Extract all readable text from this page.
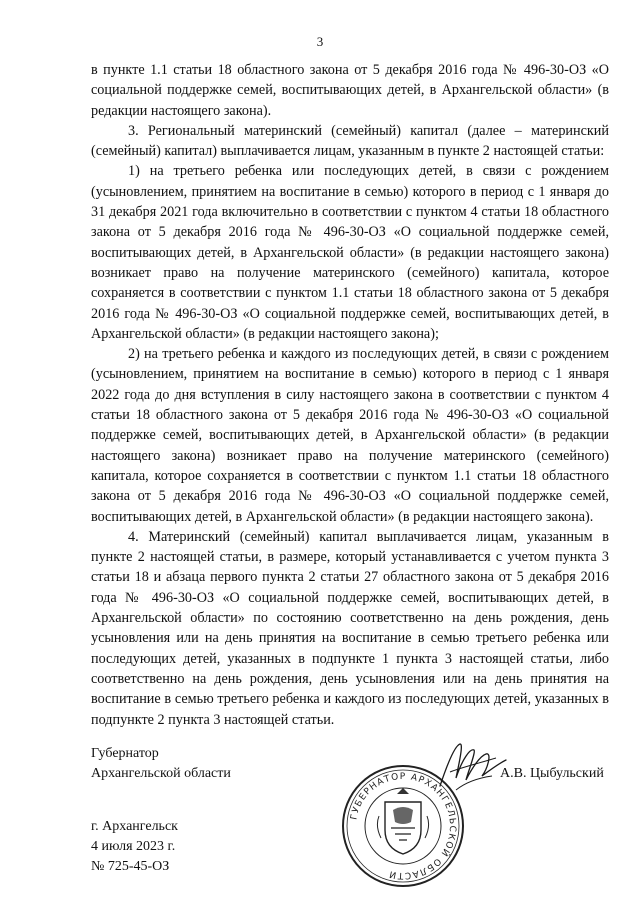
3

в пункте 1.1 статьи 18 областного закона от 5 декабря 2016 года № 496-30-ОЗ «О социальной поддержке семей, воспитывающих детей, в Архангельской области» (в редакции настоящего закона).

3. Региональный материнский (семейный) капитал (далее – материнский (семейный) капитал) выплачивается лицам, указанным в пункте 2 настоящей статьи:

1) на третьего ребенка или последующих детей, в связи с рождением (усыновлением, принятием на воспитание в семью) которого в период с 1 января до 31 декабря 2021 года включительно в соответствии с пунктом 4 статьи 18 областного закона от 5 декабря 2016 года № 496-30-ОЗ «О социальной поддержке семей, воспитывающих детей, в Архангельской области» (в редакции настоящего закона) возникает право на получение материнского (семейного) капитала, которое сохраняется в соответствии с пунктом 1.1 статьи 18 областного закона от 5 декабря 2016 года № 496-30-ОЗ «О социальной поддержке семей, воспитывающих детей, в Архангельской области» (в редакции настоящего закона);

2) на третьего ребенка и каждого из последующих детей, в связи с рождением (усыновлением, принятием на воспитание в семью) которого в период с 1 января 2022 года до дня вступления в силу настоящего закона в соответствии с пунктом 4 статьи 18 областного закона от 5 декабря 2016 года № 496-30-ОЗ «О социальной поддержке семей, воспитывающих детей, в Архангельской области» (в редакции настоящего закона) возникает право на получение материнского (семейного) капитала, которое сохраняется в соответствии с пунктом 1.1 статьи 18 областного закона от 5 декабря 2016 года № 496-30-ОЗ «О социальной поддержке семей, воспитывающих детей, в Архангельской области» (в редакции настоящего закона).

4. Материнский (семейный) капитал выплачивается лицам, указанным в пункте 2 настоящей статьи, в размере, который устанавливается с учетом пункта 3 статьи 18 и абзаца первого пункта 2 статьи 27 областного закона от 5 декабря 2016 года № 496-30-ОЗ «О социальной поддержке семей, воспитывающих детей, в Архангельской области» по состоянию соответственно на день рождения, день усыновления или на день принятия на воспитание в семью третьего ребенка или последующих детей, указанных в подпункте 1 пункта 3 настоящей статьи, либо соответственно на день рождения, день усыновления или на день принятия на воспитание в семью третьего ребенка и каждого из последующих детей, указанных в подпункте 2 пункта 3 настоящей статьи.

Губернатор
Архангельской области
ГУБЕРНАТОР АРХАНГЕЛЬСКОЙ ОБЛАСТИ
А.В. Цыбульский
г. Архангельск
4 июля 2023 г.
№ 725-45-ОЗ
